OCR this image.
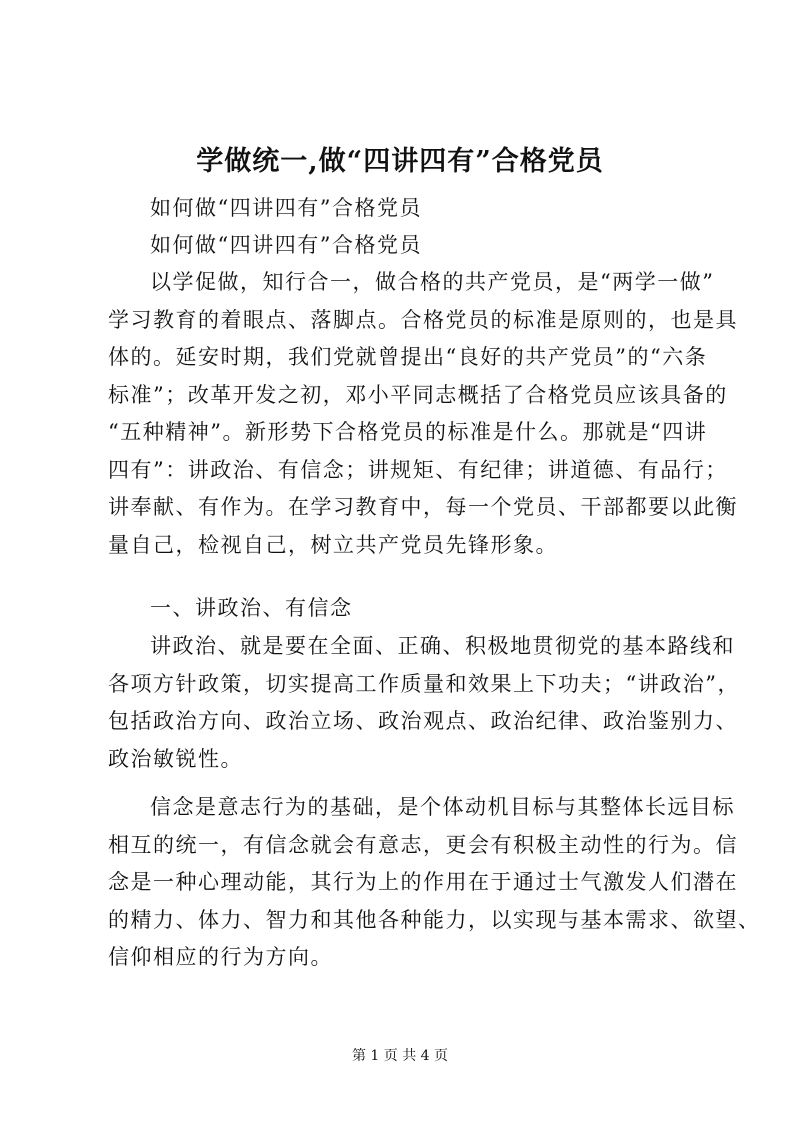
学做统一,做“四讲四有”合格党员

如何做“四讲四有”合格党员

如何做“四讲四有”合格党员

以学促做，知行合一，做合格的共产党员，是“两学一做”
学习教育的着眼点、落脚点。合格党员的标准是原则的，也是具
体的。延安时期，我们党就曾提出“良好的共产党员”的“六条
标准”；改革开发之初，邓小平同志概括了合格党员应该具备的
“五种精神”。新形势下合格党员的标准是什么。那就是“四讲
四有”：讲政治、有信念；讲规矩、有纪律；讲道德、有品行；
讲奉献、有作为。在学习教育中，每一个党员、干部都要以此衡
量自己，检视自己，树立共产党员先锋形象。

一、讲政治、有信念

讲政治、就是要在全面、正确、积极地贯彻党的基本路线和
各项方针政策，切实提高工作质量和效果上下功夫；“讲政治”，
包括政治方向、政治立场、政治观点、政治纪律、政治鉴别力、
政治敏锐性。
信念是意志行为的基础，是个体动机目标与其整体长远目标
相互的统一，有信念就会有意志，更会有积极主动性的行为。信
念是一种心理动能，其行为上的作用在于通过士气激发人们潜在
的精力、体力、智力和其他各种能力，以实现与基本需求、欲望、
信仰相应的行为方向。

第 1 页 共 4 页
